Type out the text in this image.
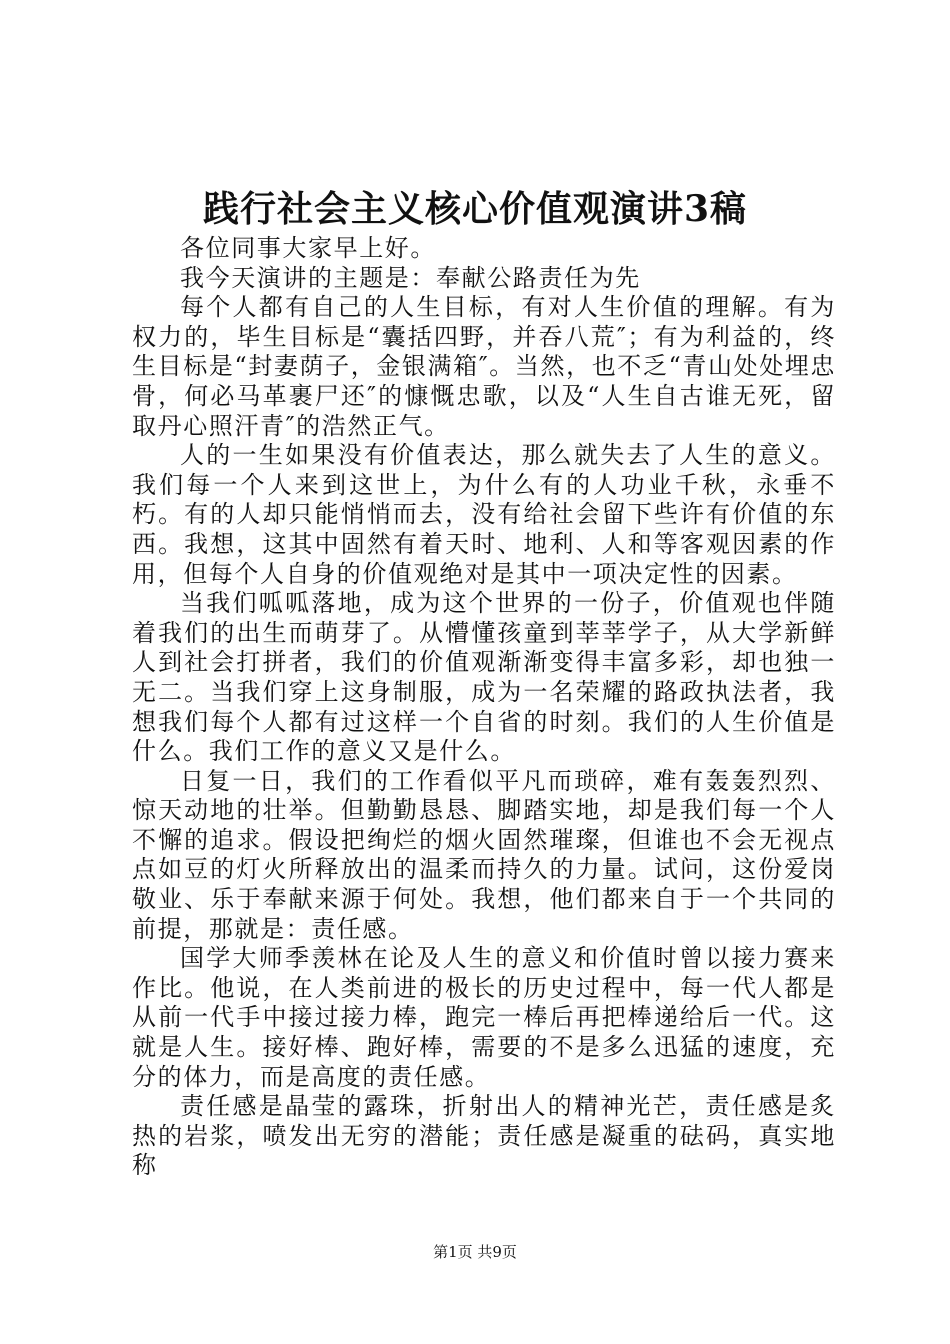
践行社会主义核心价值观演讲3稿

各位同事大家早上好。

我今天演讲的主题是：奉献公路责任为先

每个人都有自己的人生目标，有对人生价值的理解。有为权力的，毕生目标是“囊括四野，并吞八荒″；有为利益的，终生目标是“封妻荫子，金银满箱″。当然，也不乏“青山处处埋忠骨，何必马革裹尸还″的慷慨忠歌，以及“人生自古谁无死，留取丹心照汗青″的浩然正气。

人的一生如果没有价值表达，那么就失去了人生的意义。我们每一个人来到这世上，为什么有的人功业千秋，永垂不朽。有的人却只能悄悄而去，没有给社会留下些许有价值的东西。我想，这其中固然有着天时、地利、人和等客观因素的作用，但每个人自身的价值观绝对是其中一项决定性的因素。

当我们呱呱落地，成为这个世界的一份子，价值观也伴随着我们的出生而萌芽了。从懵懂孩童到莘莘学子，从大学新鲜人到社会打拼者，我们的价值观渐渐变得丰富多彩，却也独一无二。当我们穿上这身制服，成为一名荣耀的路政执法者，我想我们每个人都有过这样一个自省的时刻。我们的人生价值是什么。我们工作的意义又是什么。

日复一日，我们的工作看似平凡而琐碎，难有轰轰烈烈、惊天动地的壮举。但勤勤恳恳、脚踏实地，却是我们每一个人不懈的追求。假设把绚烂的烟火固然璀璨，但谁也不会无视点点如豆的灯火所释放出的温柔而持久的力量。试问，这份爱岗敬业、乐于奉献来源于何处。我想，他们都来自于一个共同的前提，那就是：责任感。

国学大师季羡林在论及人生的意义和价值时曾以接力赛来作比。他说，在人类前进的极长的历史过程中，每一代人都是从前一代手中接过接力棒，跑完一棒后再把棒递给后一代。这就是人生。接好棒、跑好棒，需要的不是多么迅猛的速度，充分的体力，而是高度的责任感。

责任感是晶莹的露珠，折射出人的精神光芒，责任感是炙热的岩浆，喷发出无穷的潜能；责任感是凝重的砝码，真实地称

第1页 共9页
